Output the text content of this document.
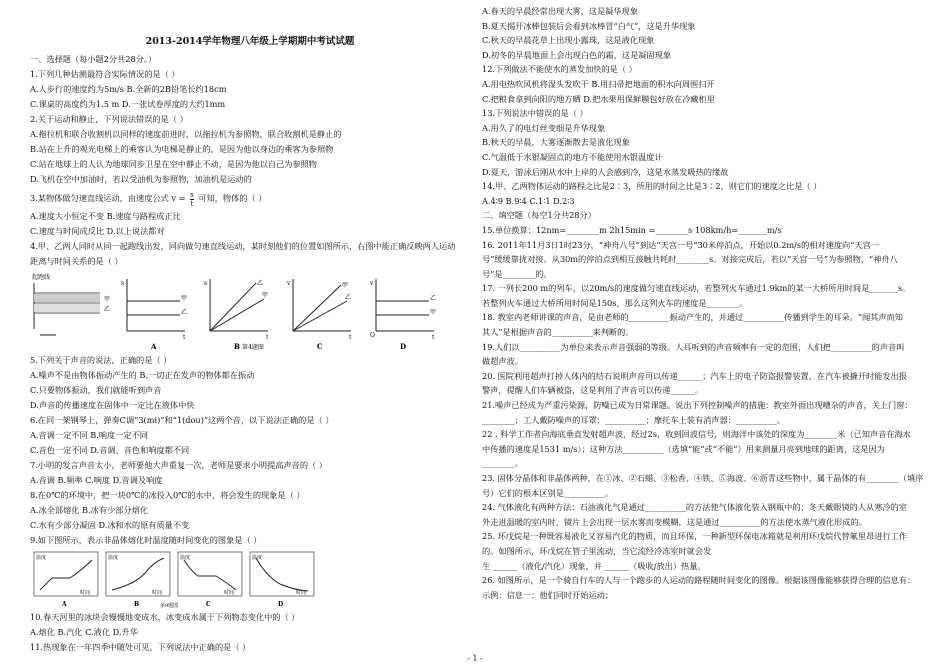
2013-2014学年物理八年级上学期期中考试试题
一、选择题（每小题2分共28分。）
1.下列几种估测最符合实际情况的是（ ）
A.人步行的速度约为5m/s B.全新的2B铅笔长约18cm
C.课桌的高度约为1.5 m D.一张试卷厚度的大约1mm
2.关于运动和静止，下列说法错误的是（ ）
A.拖拉机和联合收割机以同样的速度前进时，以拖拉机为参照物，联合收割机是静止的
B.站在上升的观光电梯上的乘客认为电梯是静止的，是因为他以身边的乘客为参照物
C.站在地球上的人认为地球同步卫星在空中静止不动，是因为他以自己为参照物
D.飞机在空中加油时，若以受油机为参照物，加油机是运动的
3.某物体做匀速直线运动，由速度公式 $v = \frac{s}{t}$ 可知，物体的（ ）
A.速度大小恒定不变 B.速度与路程成正比
C.速度与时间成反比 D.以上说法都对
4.甲、乙两人同时从同一起跑线出发，同向做匀速直线运动，某时刻他们的位置如图所示，右图中能正确反映两人运动
距离与时间关系的是（ ）
起跑线
甲
乙
s
t
甲
乙
A
s
t
乙
甲
B
v
t
甲
乙
C
v
t
乙
甲
O
D
第4题图
5.下列关于声音的说法，正确的是（ ）
A.噪声不是由物体振动产生的 B.一切正在发声的物体都在振动
C.只要物体振动，我们就能听到声音
D.声音的传播速度在固体中一定比在液体中快
6.在同一架钢琴上，弹奏C调“3(mi)”和“1(dou)”这两个音，以下说法正确的是（ ）
A.音调一定不同 B.响度一定不同
C.音色一定不同 D.音调、音色和响度都不同
7.小明的发言声音太小，老师要他大声重复一次，老师是要求小明提高声音的（ ）
A.音调 B.频率 C.响度 D.音调及响度
8.在0℃的环境中，把一块0℃的冰投入0℃的水中，将会发生的现象是（ ）
A.冰全部熔化 B.冰有少部分熔化
C.水有少部分凝固 D.冰和水的原有质量不变
9.如下图所示，表示非晶体熔化时温度随时间变化的图象是（ ）
温度
时间
A
温度
时间
B
温度
时间
C
温度
时间
D
第9题图
10.春天河里的冰块会慢慢地变成水，冰变成水属于下列物态变化中的（ ）
A.熔化 B.汽化 C.液化 D.升华
11.热现象在一年四季中随处可见，下列说法中正确的是（ ）
A.春天的早晨经常出现大雾，这是凝华现象
B.夏天揭开冰棒包装后会看到冰棒冒“白气”，这是升华现象
C.秋天的早晨花草上出现小露珠，这是液化现象
D.初冬的早晨地面上会出现白色的霜，这是凝固现象
12.下列做法不能使水的蒸发加快的是（ ）
A.用电热吹风机将湿头发吹干 B.用扫帚把地面的积水向周围扫开
C.把粮食拿到向阳的地方晒 D.把水果用保鲜膜包好放在冷藏柜里
13.下列说法中错误的是（ ）
A.用久了的电灯丝变细是升华现象
B.秋天的早晨，大雾逐渐散去是液化现象
C.气温低于水银凝固点的地方不能使用水银温度计
D.夏天，游泳后刚从水中上岸的人会感到冷，这是水蒸发吸热的缘故
14.甲、乙两物体运动的路程之比是2∶3，所用的时间之比是3∶2，则它们的速度之比是（ ）
A.4∶9 B.9∶4 C.1∶1 D.2∶3
二、填空题（每空1分共28分）
15.单位换算：12nm=________m 2h15min =________s 108km/h=_______m/s
16. 2011年11月3日1时23分，“神舟八号”到达“天宫一号”30米停泊点，开始以0.2m/s的相对速度向“天宫一
号”缓缓靠拢对接。从30m的停泊点到相互接触共耗时________s。对接完成后，若以“天宫一号”为参照物，“神舟八
号”是________的。
17. 一列长200 m的列车，以20m/s的速度做匀速直线运动，若整列火车通过1.9km的某一大桥所用时间是_______s。
若整列火车通过大桥所用时间是150s，那么这列火车的速度是________。
18. 教室内老师讲课的声音，是由老师的__________振动产生的，并通过__________传播到学生的耳朵。“闻其声而知
其人”是根据声音的__________来判断的。
19.人们以__________为单位来表示声音强弱的等级。人耳听到的声音频率有一定的范围，人们把__________的声音叫
做超声波。
20. 医院利用超声打掉人体内的结石说明声音可以传递______；汽车上的电子防盗报警装置，在汽车被撬开时能发出报
警声，提醒人们车辆被盗，这是利用了声音可以传递______。
21.噪声已经成为严重污染源，防噪已成为日常课题。说出下列控制噪声的措施：教室外面出现嘈杂的声音，关上门窗：
________；工人戴防噪声的耳罩：__________；摩托车上装有消声器：__________。
22 . 科学工作者向海底垂直发射超声波，经过2s，收到回波信号，则海洋中该处的深度为________米（已知声音在海水
中传播的速度是1531 m/s）；这种方法__________（选填“能”或“不能”）用来测量月亮到地球的距离，这是因为
________。
23. 固体分晶体和非晶体两种，在①冰、②石蜡、③松香、④铁、⑤海波、⑥沥青这些物中，属于晶体的有________（填序
号）它们的根本区别是__________。
24. 气体液化有两种方法：石油液化气是通过__________的方法使气体液化装入钢瓶中的；冬天戴眼镜的人从寒冷的室
外走进温暖的室内时，镜片上会出现一层水雾而变模糊，这是通过__________的方法使水蒸气液化形成的。
25. 环戊烷是一种既容易液化又容易汽化的物质，而且环保，一种新型环保电冰箱就是利用环戊烷代替氟里昂进行工作
的。如图所示，环戊烷在管子里流动，当它流经冷冻室时就会发
生 ______（液化/汽化）现象，并 ______（吸收/放出）热量。
26. 如图所示，是一个骑自行车的人与一个跑步的人运动的路程随时间变化的图像。根据该图像能够获得合理的信息有：
示例：信息一：他们同时开始运动；
- 1 -
